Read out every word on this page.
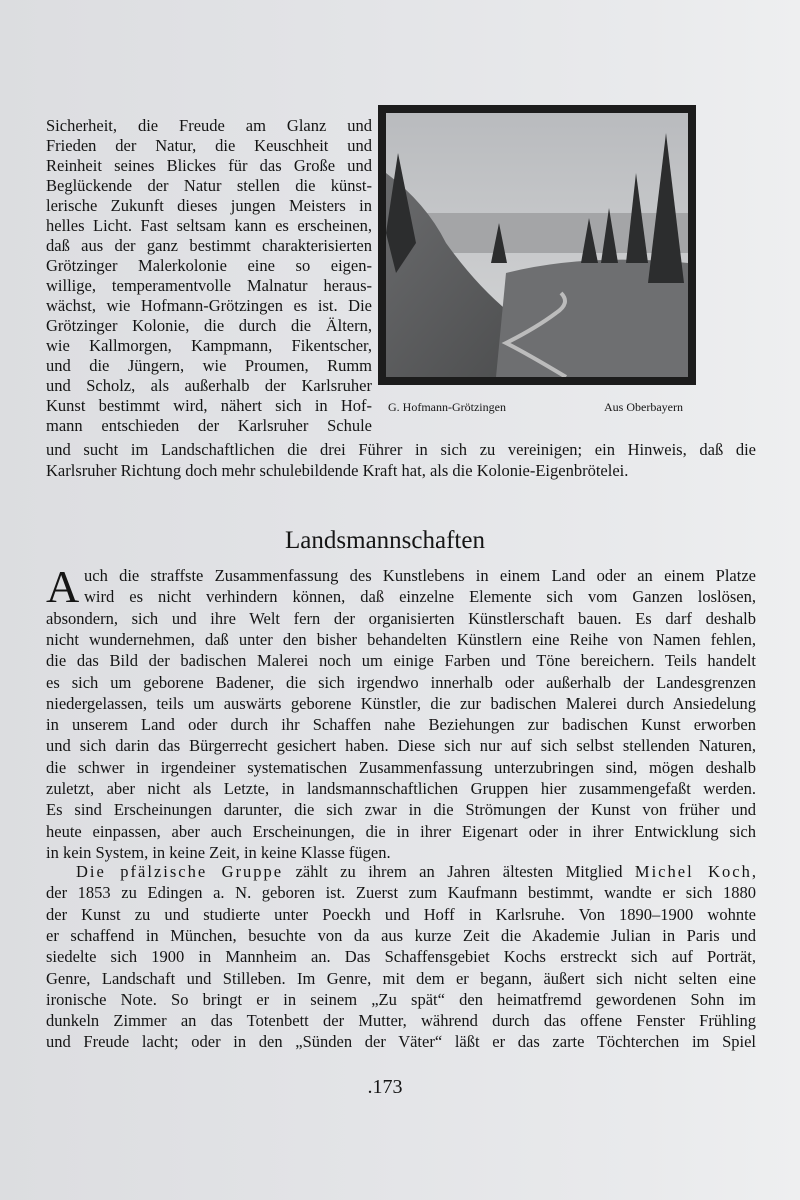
Sicherheit, die Freude am Glanz und
Frieden der Natur, die Keuschheit und
Reinheit seines Blickes für das Große und
Beglückende der Natur stellen die künst-
lerische Zukunft dieses jungen Meisters in
helles Licht. Fast seltsam kann es erscheinen,
daß aus der ganz bestimmt charakterisierten
Grötzinger Malerkolonie eine so eigen-
willige, temperamentvolle Malnatur heraus-
wächst, wie Hofmann-Grötzingen es ist. Die
Grötzinger Kolonie, die durch die Ältern,
wie Kallmorgen, Kampmann, Fikentscher,
und die Jüngern, wie Proumen, Rumm
und Scholz, als außerhalb der Karlsruher
Kunst bestimmt wird, nähert sich in Hof-
mann entschieden der Karlsruher Schule
und sucht im Landschaftlichen die drei Führer in sich zu vereinigen; ein Hinweis, daß die
Karlsruher Richtung doch mehr schulebildende Kraft hat, als die Kolonie-Eigenbrötelei.
G. Hofmann-Grötzingen	Aus Oberbayern
Landsmannschaften
A uch die straffste Zusammenfassung des Kunstlebens in einem Land oder an einem Platze
wird es nicht verhindern können, daß einzelne Elemente sich vom Ganzen loslösen,
absondern, sich und ihre Welt fern der organisierten Künstlerschaft bauen. Es darf deshalb
nicht wundernehmen, daß unter den bisher behandelten Künstlern eine Reihe von Namen fehlen,
die das Bild der badischen Malerei noch um einige Farben und Töne bereichern. Teils handelt
es sich um geborene Badener, die sich irgendwo innerhalb oder außerhalb der Landesgrenzen
niedergelassen, teils um auswärts geborene Künstler, die zur badischen Malerei durch Ansiedelung
in unserem Land oder durch ihr Schaffen nahe Beziehungen zur badischen Kunst erworben
und sich darin das Bürgerrecht gesichert haben. Diese sich nur auf sich selbst stellenden Naturen,
die schwer in irgendeiner systematischen Zusammenfassung unterzubringen sind, mögen deshalb
zuletzt, aber nicht als Letzte, in landsmannschaftlichen Gruppen hier zusammengefaßt werden.
Es sind Erscheinungen darunter, die sich zwar in die Strömungen der Kunst von früher und
heute einpassen, aber auch Erscheinungen, die in ihrer Eigenart oder in ihrer Entwicklung sich
in kein System, in keine Zeit, in keine Klasse fügen.
Die pfälzische Gruppe zählt zu ihrem an Jahren ältesten Mitglied Michel Koch,
der 1853 zu Edingen a. N. geboren ist. Zuerst zum Kaufmann bestimmt, wandte er sich 1880
der Kunst zu und studierte unter Poeckh und Hoff in Karlsruhe. Von 1890–1900 wohnte
er schaffend in München, besuchte von da aus kurze Zeit die Akademie Julian in Paris und
siedelte sich 1900 in Mannheim an. Das Schaffensgebiet Kochs erstreckt sich auf Porträt,
Genre, Landschaft und Stilleben. Im Genre, mit dem er begann, äußert sich nicht selten eine
ironische Note. So bringt er in seinem „Zu spät“ den heimatfremd gewordenen Sohn im
dunkeln Zimmer an das Totenbett der Mutter, während durch das offene Fenster Frühling
und Freude lacht; oder in den „Sünden der Väter“ läßt er das zarte Töchterchen im Spiel
.173
